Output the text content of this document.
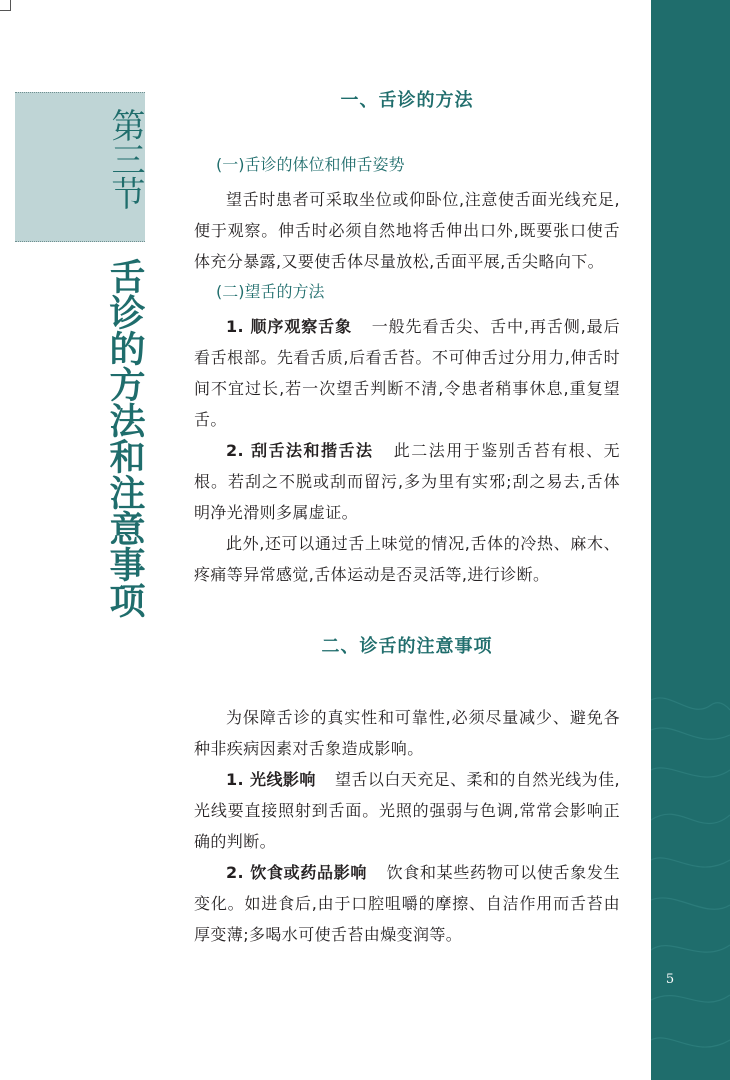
第三节
舌诊的方法和注意事项
5
一、舌诊的方法
(一)舌诊的体位和伸舌姿势

望舌时患者可采取坐位或仰卧位,注意使舌面光线充足,便于观察。伸舌时必须自然地将舌伸出口外,既要张口使舌体充分暴露,又要使舌体尽量放松,舌面平展,舌尖略向下。

(二)望舌的方法

1. 顺序观察舌象 一般先看舌尖、舌中,再舌侧,最后看舌根部。先看舌质,后看舌苔。不可伸舌过分用力,伸舌时间不宜过长,若一次望舌判断不清,令患者稍事休息,重复望舌。

2. 刮舌法和揩舌法 此二法用于鉴别舌苔有根、无根。若刮之不脱或刮而留污,多为里有实邪;刮之易去,舌体明净光滑则多属虚证。

此外,还可以通过舌上味觉的情况,舌体的冷热、麻木、疼痛等异常感觉,舌体运动是否灵活等,进行诊断。

二、诊舌的注意事项

为保障舌诊的真实性和可靠性,必须尽量减少、避免各种非疾病因素对舌象造成影响。

1. 光线影响 望舌以白天充足、柔和的自然光线为佳,光线要直接照射到舌面。光照的强弱与色调,常常会影响正确的判断。

2. 饮食或药品影响 饮食和某些药物可以使舌象发生变化。如进食后,由于口腔咀嚼的摩擦、自洁作用而舌苔由厚变薄;多喝水可使舌苔由燥变润等。
